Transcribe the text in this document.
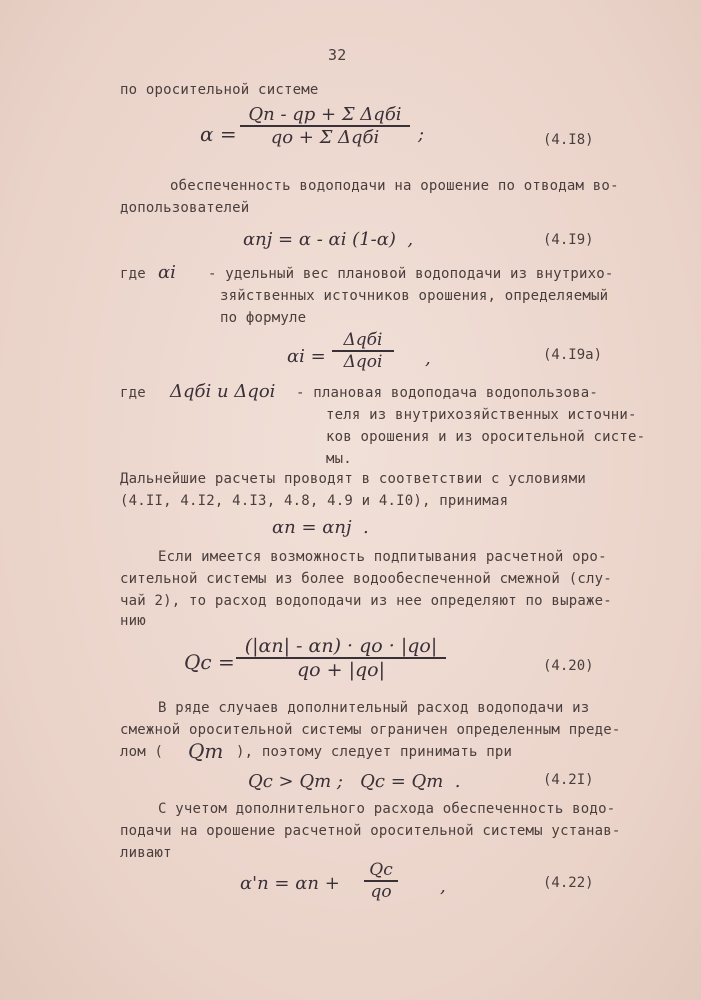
32
по оросительной системе
α =
Qп - qр + Σ Δqбi
qо + Σ Δqбi ;	(4.I8)
обеспеченность водоподачи на орошение по отводам во-
допользователей
αпj = α - αi (1-α)  ,	(4.I9)
где αi - удельный вес плановой водоподачи из внутрихо-
зяйственных источников орошения, определяемый
по формуле
αi =
Δqбi
Δqоi ,	(4.I9а)
где Δqбi и Δqоi - плановая водоподача водопользова-
теля из внутрихозяйственных источни-
ков орошения и из оросительной систе-
мы.
Дальнейшие расчеты проводят в соответствии с условиями
(4.II, 4.I2, 4.I3, 4.8, 4.9 и 4.I0), принимая
αп = αпj  .
Если имеется возможность подпитывания расчетной оро-
сительной системы из более водообеспеченной смежной (слу-
чай 2), то расход водоподачи из нее определяют по выраже-
нию
Qc =
(|αп| - αп) · qо · |qо|
qо + |qо|	(4.20)
В ряде случаев дополнительный расход водоподачи из
смежной оросительной системы ограничен определенным преде-
лом ( Qm ), поэтому следует принимать при
Qc > Qm ;   Qc = Qm  .	(4.2I)
С учетом дополнительного расхода обеспеченность водо-
подачи на орошение расчетной оросительной системы устанав-
ливают
α'п = αп +
Qc
qо	,	(4.22)
